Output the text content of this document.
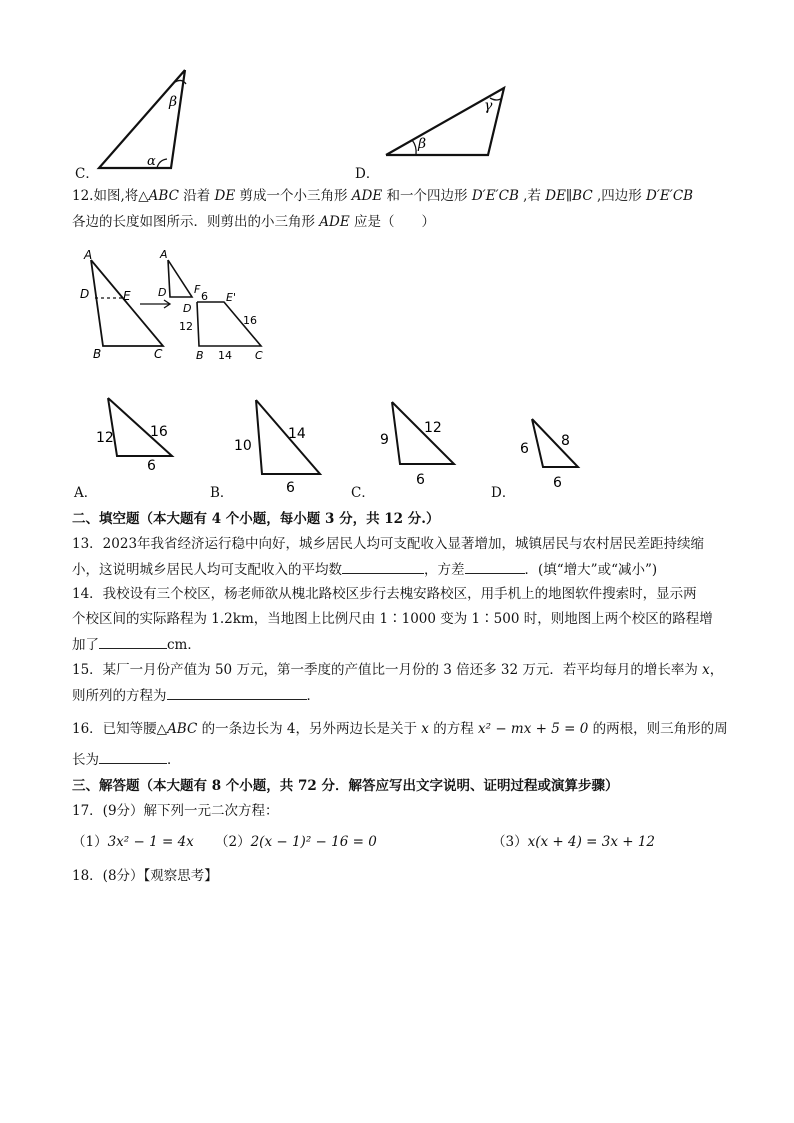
β
α
C．
γ
β
D．
12.如图,将△ABC 沿着 DE 剪成一个小三角形 ADE 和一个四边形 D′E′CB ,若 DE∥BC ,四边形 D′E′CB
各边的长度如图所示．则剪出的小三角形 ADE 应是（　　）
A
D	E
B	C
A
D	F
6
D
E'
12	16
B 14 C
12	16
6
A．
10
14
6
B．
9
12
6
C．
6 8
6
D．
二、填空题（本大题有 4 个小题，每小题 3 分，共 12 分.）
13．2023年我省经济运行稳中向好，城乡居民人均可支配收入显著增加，城镇居民与农村居民差距持续缩
小，这说明城乡居民人均可支配收入的平均数	，方差	．(填“增大”或“减小”)
14．我校设有三个校区，杨老师欲从槐北路校区步行去槐安路校区，用手机上的地图软件搜索时，显示两
个校区间的实际路程为 1.2km，当地图上比例尺由 1∶1000 变为 1∶500 时，则地图上两个校区的路程增
加了	cm．
15．某厂一月份产值为 50 万元，第一季度的产值比一月份的 3 倍还多 32 万元．若平均每月的增长率为 x，
则所列的方程为	．
16．已知等腰△ABC 的一条边长为 4，另外两边长是关于 x 的方程 x² − mx + 5 = 0 的两根，则三角形的周
长为	．
三、解答题（本大题有 8 个小题，共 72 分．解答应写出文字说明、证明过程或演算步骤）
17．(9分）解下列一元二次方程：
（1）3x² − 1 = 4x （2）2(x − 1)² − 16 = 0	（3）x(x + 4) = 3x + 12
18．(8分）【观察思考】
